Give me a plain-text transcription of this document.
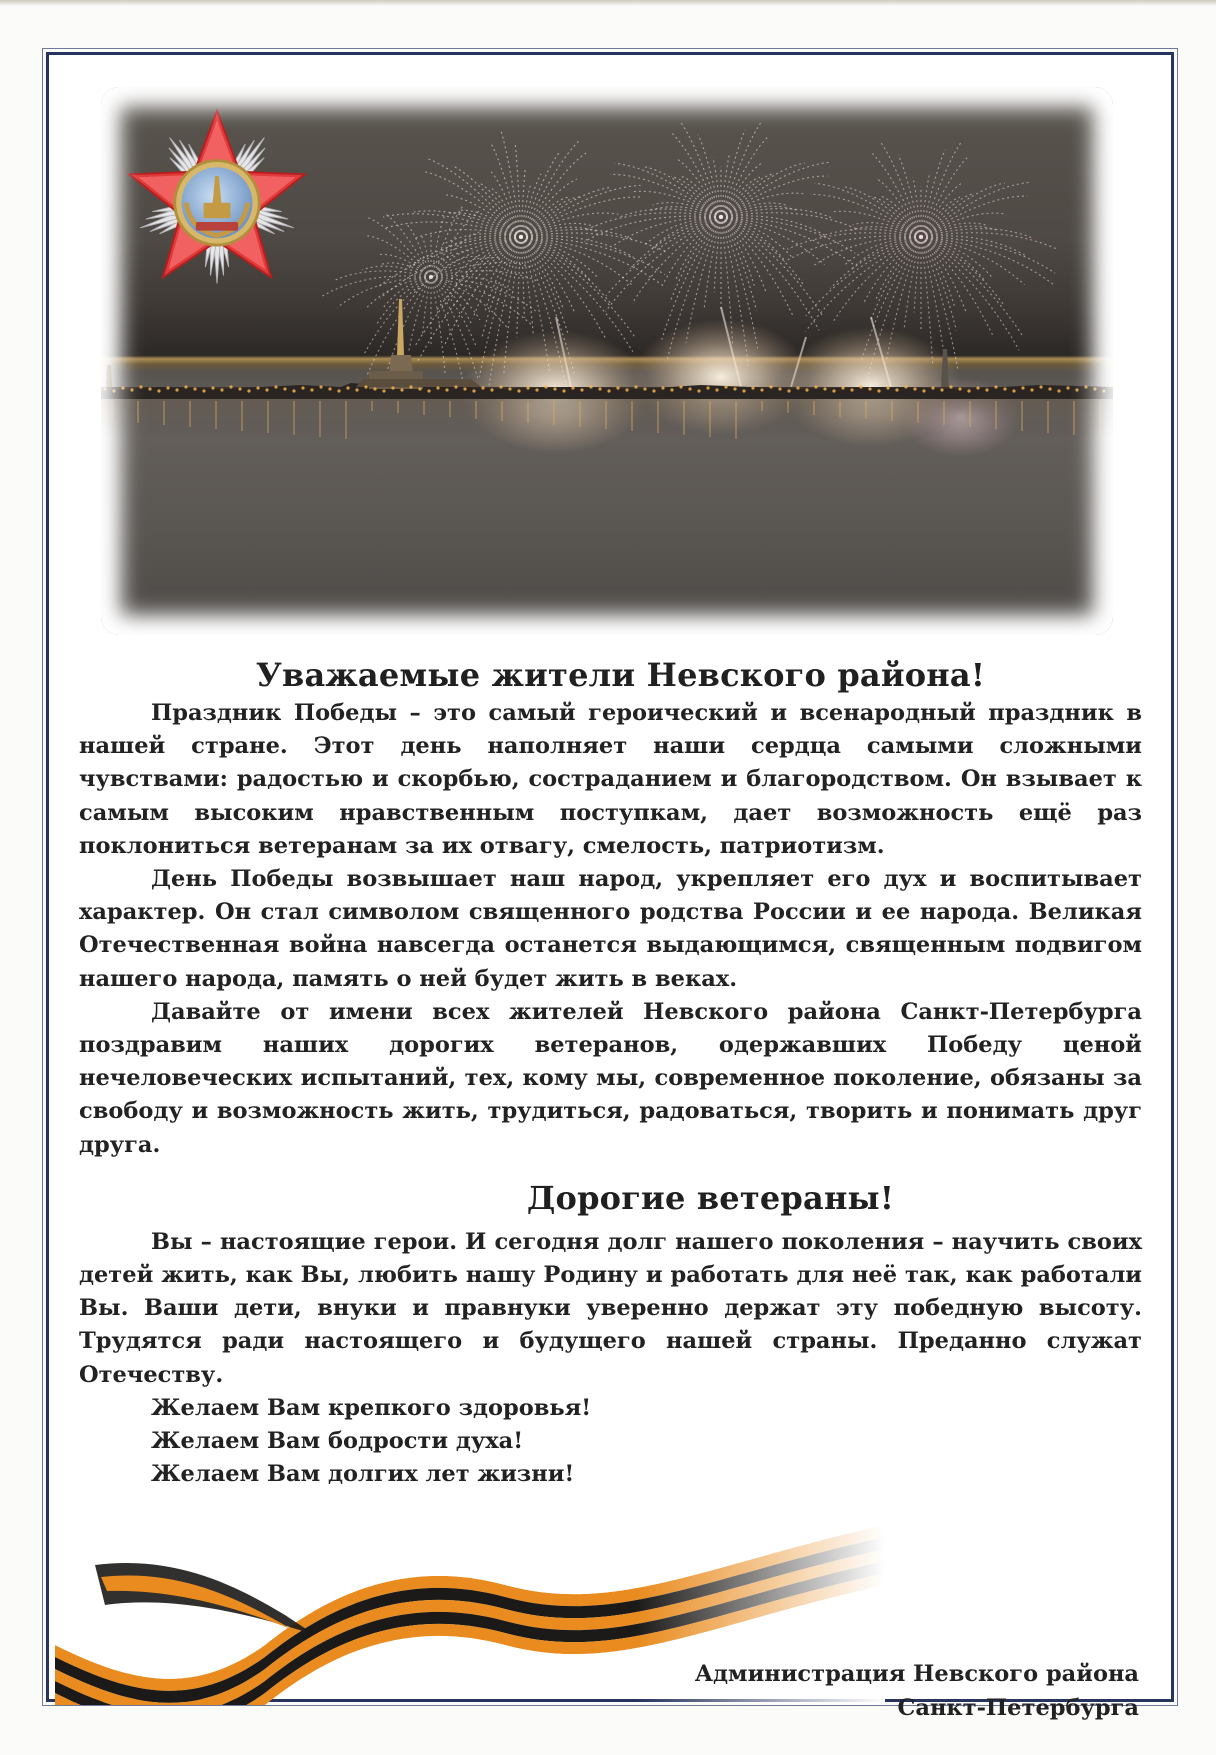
Уважаемые жители Невского района!

Праздник Победы – это самый героический и всенародный праздник в нашей стране. Этот день наполняет наши сердца самыми сложными чувствами: радостью и скорбью, состраданием и благородством. Он взывает к самым высоким нравственным поступкам, дает возможность ещё раз поклониться ветеранам за их отвагу, смелость, патриотизм.

День Победы возвышает наш народ, укрепляет его дух и воспитывает характер. Он стал символом священного родства России и ее народа. Великая Отечественная война навсегда останется выдающимся, священным подвигом нашего народа, память о ней будет жить в веках.

Давайте от имени всех жителей Невского района Санкт-Петербурга поздравим наших дорогих ветеранов, одержавших Победу ценой нечеловеческих испытаний, тех, кому мы, современное поколение, обязаны за свободу и возможность жить, трудиться, радоваться, творить и понимать друг друга.

Дорогие ветераны!

Вы – настоящие герои. И сегодня долг нашего поколения – научить своих детей жить, как Вы, любить нашу Родину и работать для неё так, как работали Вы. Ваши дети, внуки и правнуки уверенно держат эту победную высоту. Трудятся ради настоящего и будущего нашей страны. Преданно служат Отечеству.

Желаем Вам крепкого здоровья!

Желаем Вам бодрости духа!

Желаем Вам долгих лет жизни!

Администрация Невского района
Санкт-Петербурга
